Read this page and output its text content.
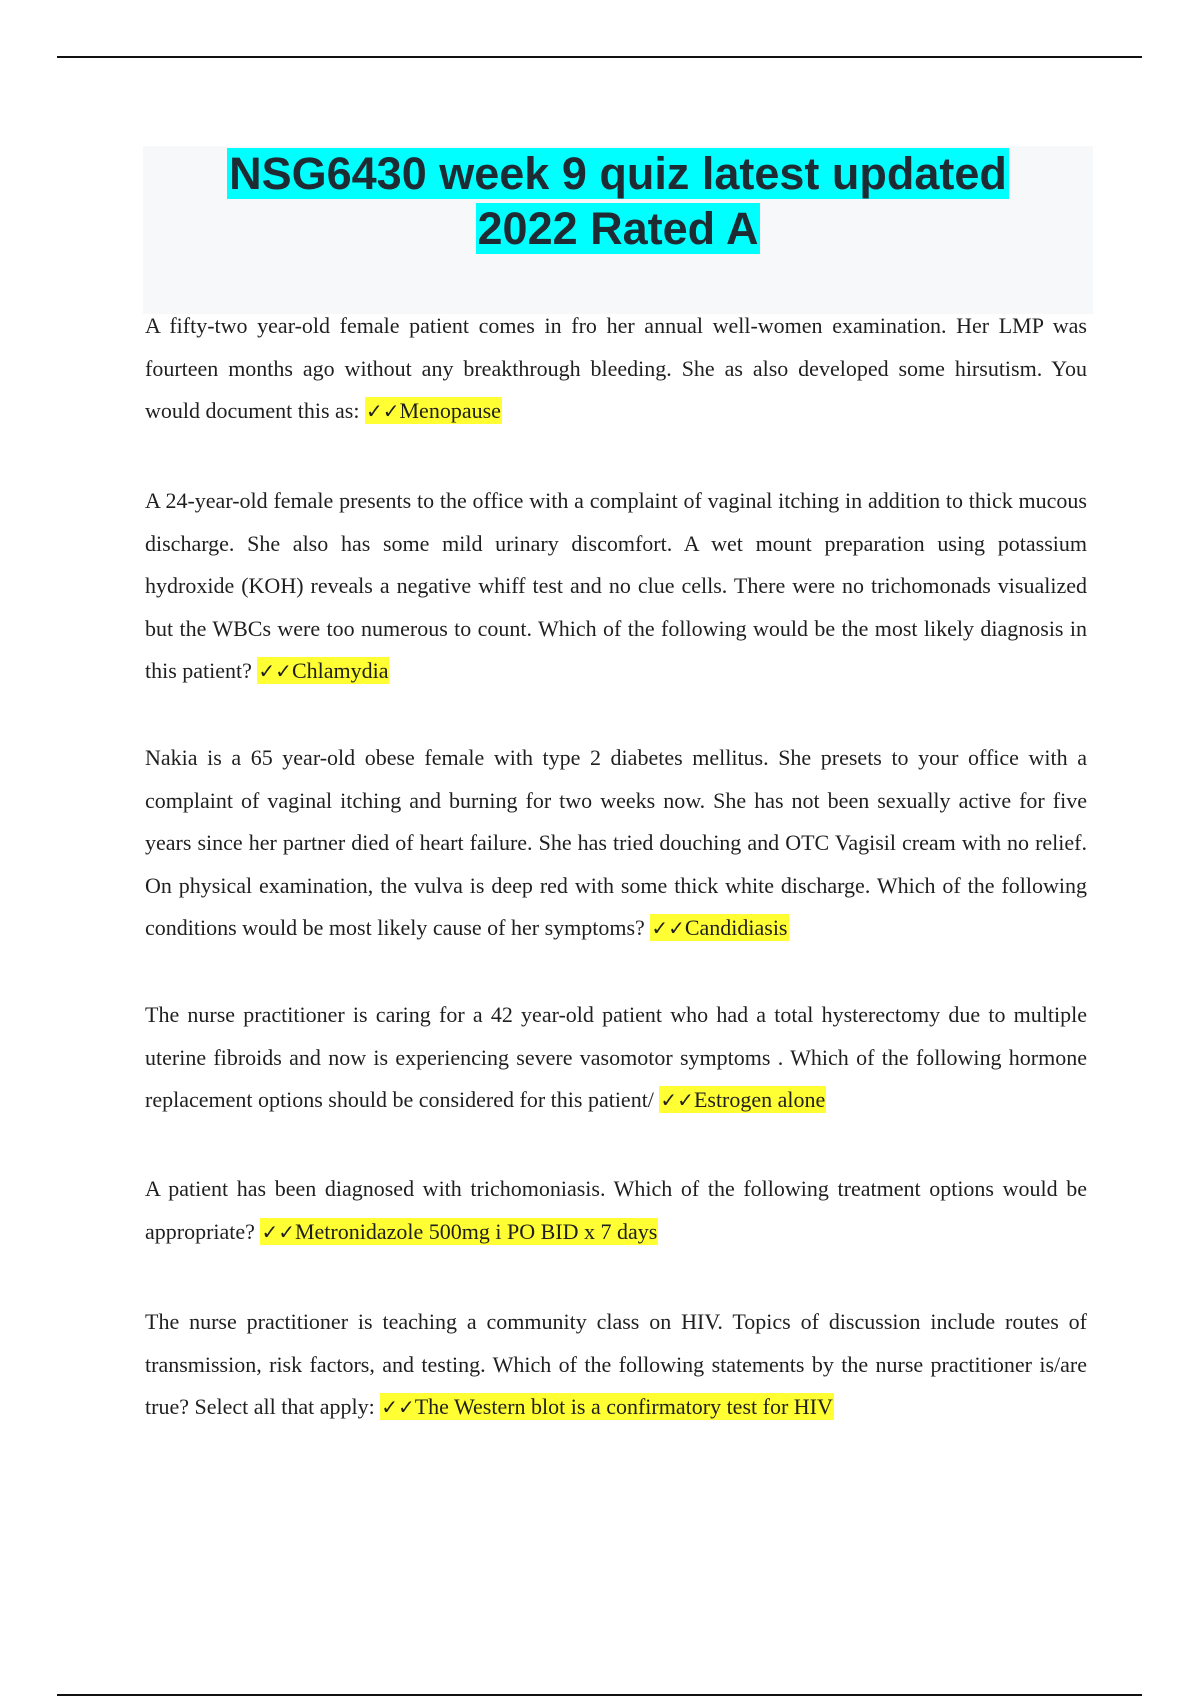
NSG6430 week 9 quiz latest updated
2022 Rated A

A fifty-two year-old female patient comes in fro her annual well-women examination. Her LMP was fourteen months ago without any breakthrough bleeding. She as also developed some hirsutism. You would document this as: ✓✓Menopause

A 24-year-old female presents to the office with a complaint of vaginal itching in addition to thick mucous discharge. She also has some mild urinary discomfort. A wet mount preparation using potassium hydroxide (KOH) reveals a negative whiff test and no clue cells. There were no trichomonads visualized but the WBCs were too numerous to count. Which of the following would be the most likely diagnosis in this patient? ✓✓Chlamydia

Nakia is a 65 year-old obese female with type 2 diabetes mellitus. She presets to your office with a complaint of vaginal itching and burning for two weeks now. She has not been sexually active for five years since her partner died of heart failure. She has tried douching and OTC Vagisil cream with no relief. On physical examination, the vulva is deep red with some thick white discharge. Which of the following conditions would be most likely cause of her symptoms? ✓✓Candidiasis

The nurse practitioner is caring for a 42 year-old patient who had a total hysterectomy due to multiple uterine fibroids and now is experiencing severe vasomotor symptoms . Which of the following hormone replacement options should be considered for this patient/ ✓✓Estrogen alone

A patient has been diagnosed with trichomoniasis. Which of the following treatment options would be appropriate? ✓✓Metronidazole 500mg i PO BID x 7 days

The nurse practitioner is teaching a community class on HIV. Topics of discussion include routes of transmission, risk factors, and testing. Which of the following statements by the nurse practitioner is/are true? Select all that apply: ✓✓The Western blot is a confirmatory test for HIV
